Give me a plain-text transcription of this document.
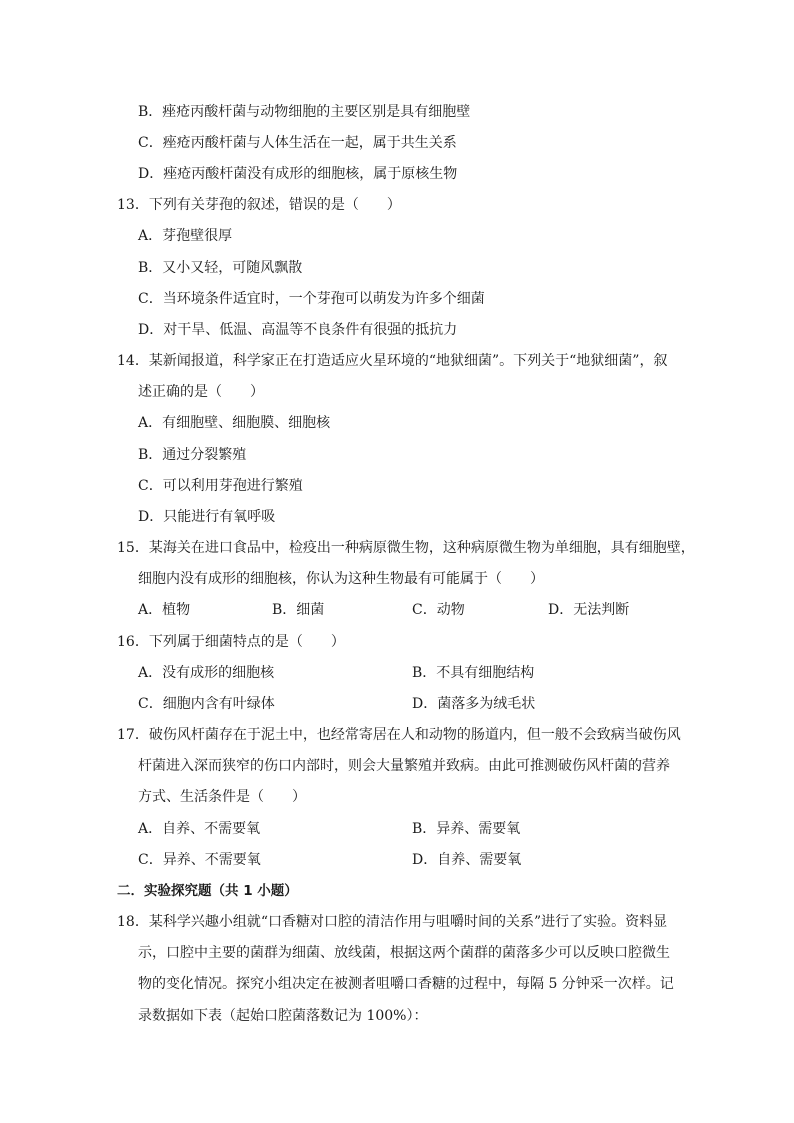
B．痤疮丙酸杆菌与动物细胞的主要区别是具有细胞壁
C．痤疮丙酸杆菌与人体生活在一起，属于共生关系
D．痤疮丙酸杆菌没有成形的细胞核，属于原核生物
13．下列有关芽孢的叙述，错误的是（　　）
A．芽孢壁很厚
B．又小又轻，可随风飘散
C．当环境条件适宜时，一个芽孢可以萌发为许多个细菌
D．对干旱、低温、高温等不良条件有很强的抵抗力
14．某新闻报道，科学家正在打造适应火星环境的“地狱细菌”。下列关于“地狱细菌”，叙
述正确的是（　　）
A．有细胞壁、细胞膜、细胞核
B．通过分裂繁殖
C．可以利用芽孢进行繁殖
D．只能进行有氧呼吸
15．某海关在进口食品中，检疫出一种病原微生物，这种病原微生物为单细胞，具有细胞壁，
细胞内没有成形的细胞核，你认为这种生物最有可能属于（　　）
A．植物	B．细菌	C．动物	D．无法判断
16．下列属于细菌特点的是（　　）
A．没有成形的细胞核	B．不具有细胞结构
C．细胞内含有叶绿体	D．菌落多为绒毛状
17．破伤风杆菌存在于泥土中，也经常寄居在人和动物的肠道内，但一般不会致病当破伤风
杆菌进入深而狭窄的伤口内部时，则会大量繁殖并致病。由此可推测破伤风杆菌的营养
方式、生活条件是（　　）
A．自养、不需要氧	B．异养、需要氧
C．异养、不需要氧	D．自养、需要氧
二．实验探究题（共 1 小题）
18．某科学兴趣小组就“口香糖对口腔的清洁作用与咀嚼时间的关系”进行了实验。资料显
示，口腔中主要的菌群为细菌、放线菌，根据这两个菌群的菌落多少可以反映口腔微生
物的变化情况。探究小组决定在被测者咀嚼口香糖的过程中，每隔 5 分钟采一次样。记
录数据如下表（起始口腔菌落数记为 100%）：
